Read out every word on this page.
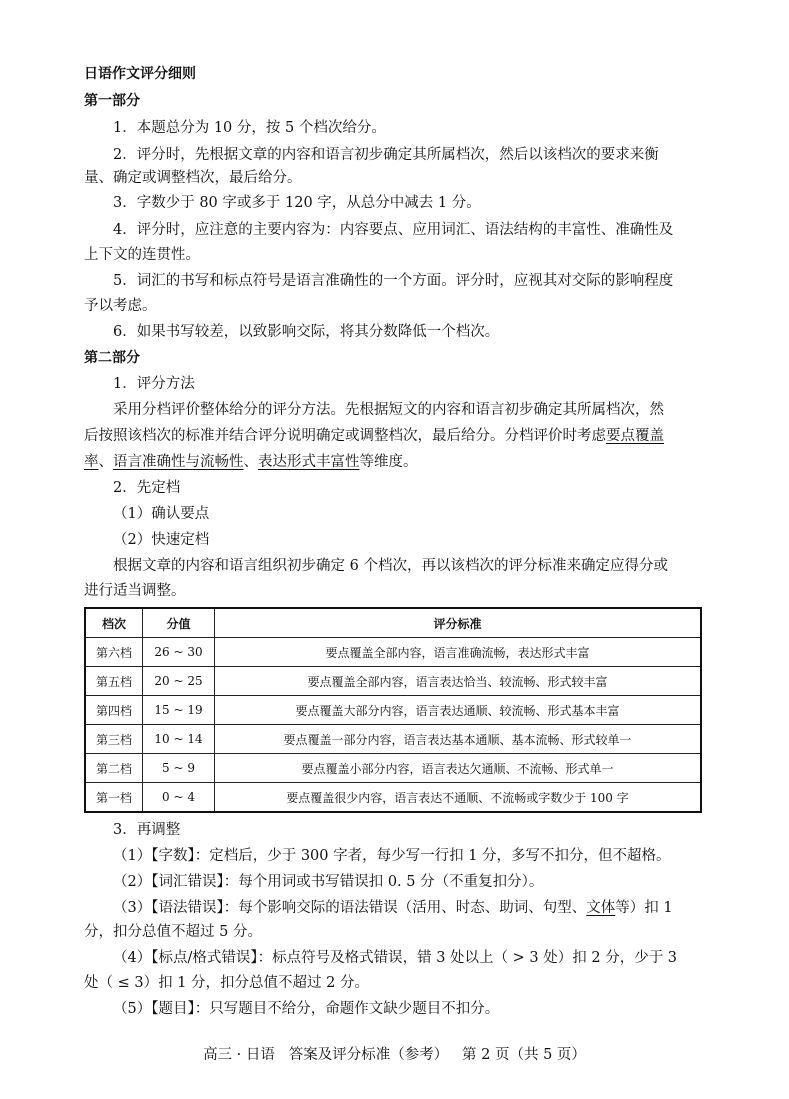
日语作文评分细则
第一部分
1．本题总分为 10 分，按 5 个档次给分。
2．评分时，先根据文章的内容和语言初步确定其所属档次，然后以该档次的要求来衡
量、确定或调整档次，最后给分。
3．字数少于 80 字或多于 120 字，从总分中减去 1 分。
4．评分时，应注意的主要内容为：内容要点、应用词汇、语法结构的丰富性、准确性及
上下文的连贯性。
5．词汇的书写和标点符号是语言准确性的一个方面。评分时，应视其对交际的影响程度
予以考虑。
6．如果书写较差，以致影响交际，将其分数降低一个档次。
第二部分
1．评分方法
采用分档评价整体给分的评分方法。先根据短文的内容和语言初步确定其所属档次，然
后按照该档次的标准并结合评分说明确定或调整档次，最后给分。分档评价时考虑要点覆盖
率、语言准确性与流畅性、表达形式丰富性等维度。
2．先定档
（1）确认要点
（2）快速定档
根据文章的内容和语言组织初步确定 6 个档次，再以该档次的评分标准来确定应得分或
进行适当调整。
档次	分值	评分标准
第六档	26 ~ 30	要点覆盖全部内容，语言准确流畅，表达形式丰富
第五档	20 ~ 25	要点覆盖全部内容，语言表达恰当、较流畅、形式较丰富
第四档	15 ~ 19	要点覆盖大部分内容，语言表达通顺、较流畅、形式基本丰富
第三档	10 ~ 14	要点覆盖一部分内容，语言表达基本通顺、基本流畅、形式较单一
第二档	5 ~ 9	要点覆盖小部分内容，语言表达欠通顺、不流畅、形式单一
第一档	0 ~ 4	要点覆盖很少内容，语言表达不通顺、不流畅或字数少于 100 字
3．再调整
（1）【字数】：定档后，少于 300 字者，每少写一行扣 1 分，多写不扣分，但不超格。
（2）【词汇错误】：每个用词或书写错误扣 0. 5 分（不重复扣分）。
（3）【语法错误】：每个影响交际的语法错误（活用、时态、助词、句型、文体等）扣 1
分，扣分总值不超过 5 分。
（4）【标点/格式错误】：标点符号及格式错误，错 3 处以上（ > 3 处）扣 2 分，少于 3
处（ ≤ 3）扣 1 分，扣分总值不超过 2 分。
（5）【题目】：只写题目不给分，命题作文缺少题目不扣分。
高三 · 日语   答案及评分标准（参考）   第 2 页（共 5 页）
